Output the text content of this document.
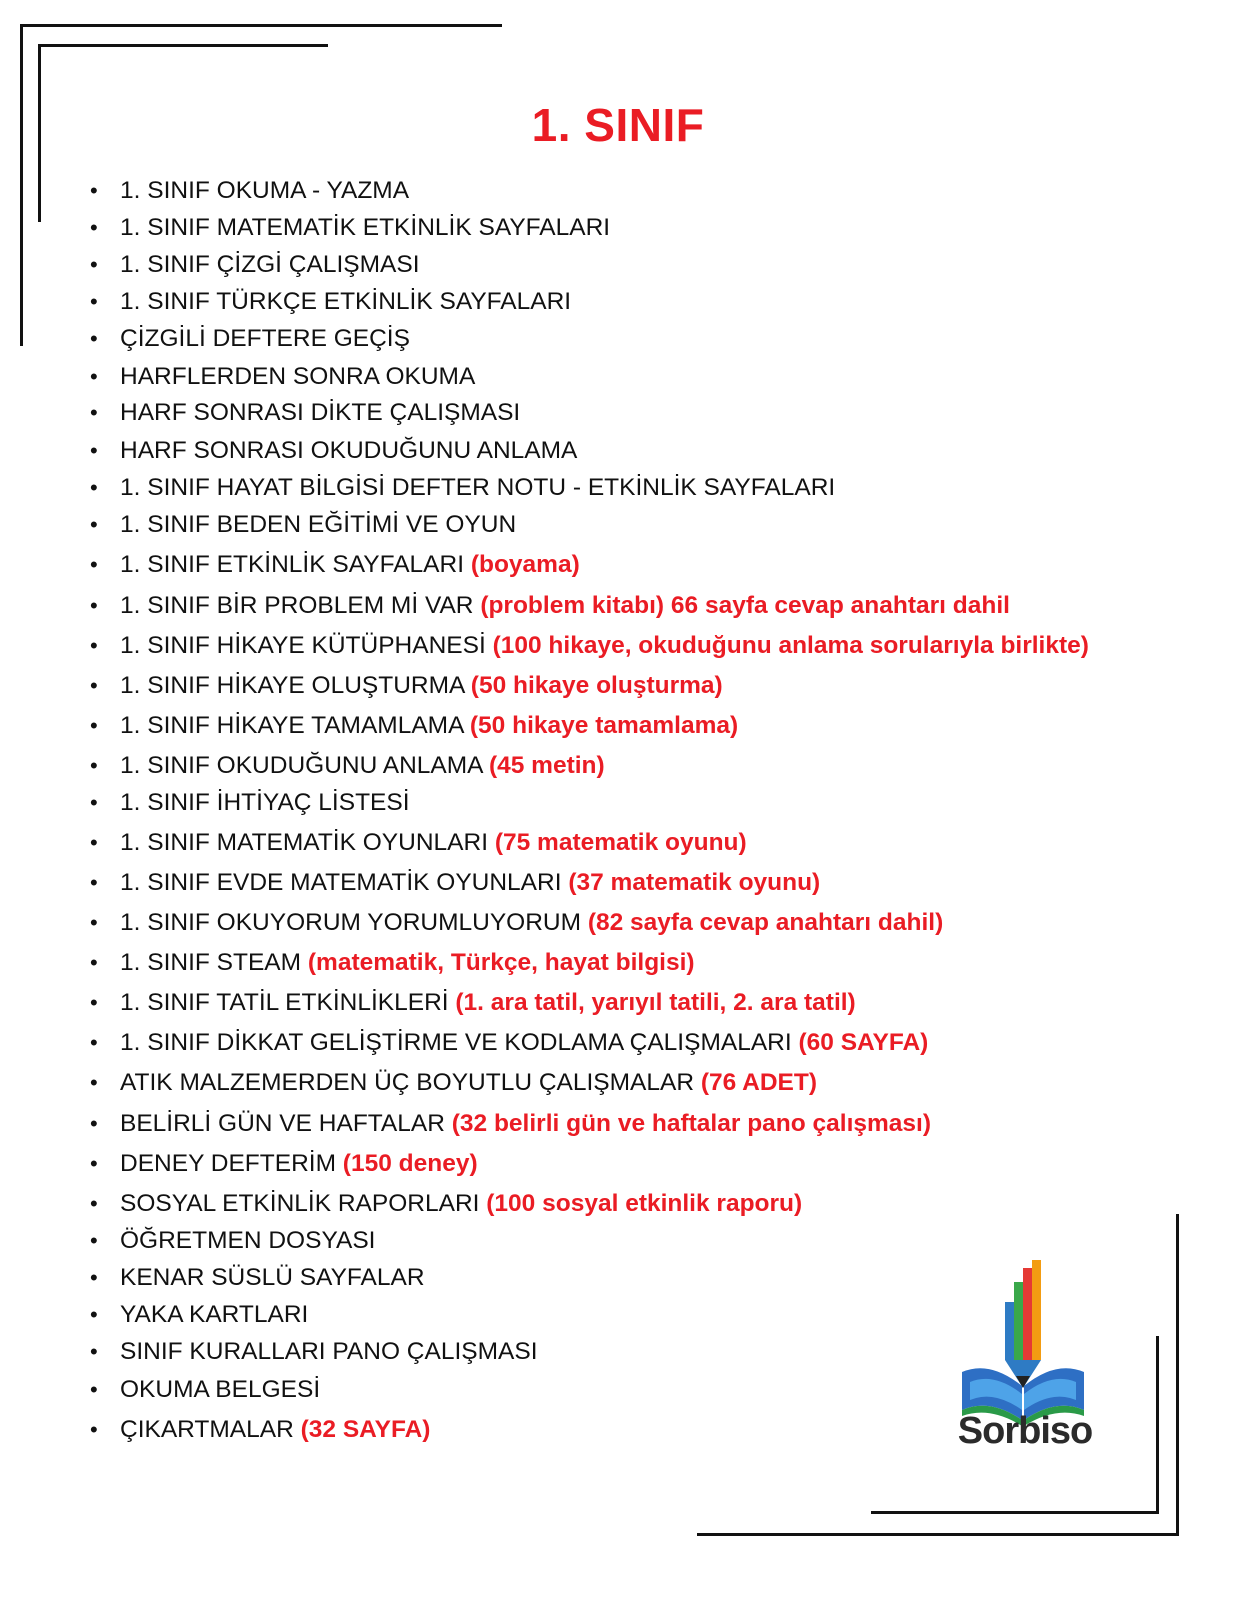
1. SINIF
• 1. SINIF OKUMA - YAZMA
• 1. SINIF MATEMATİK ETKİNLİK SAYFALARI
• 1. SINIF ÇİZGİ ÇALIŞMASI
• 1. SINIF TÜRKÇE ETKİNLİK SAYFALARI
• ÇİZGİLİ DEFTERE GEÇİŞ
• HARFLERDEN SONRA OKUMA
• HARF SONRASI DİKTE ÇALIŞMASI
• HARF SONRASI OKUDUĞUNU ANLAMA
• 1. SINIF HAYAT BİLGİSİ DEFTER NOTU - ETKİNLİK SAYFALARI
• 1. SINIF BEDEN EĞİTİMİ VE OYUN
• 1. SINIF ETKİNLİK SAYFALARI (boyama)
• 1. SINIF BİR PROBLEM Mİ VAR (problem kitabı) 66 sayfa cevap anahtarı dahil
• 1. SINIF HİKAYE KÜTÜPHANESİ (100 hikaye, okuduğunu anlama sorularıyla birlikte)
• 1. SINIF HİKAYE OLUŞTURMA (50 hikaye oluşturma)
• 1. SINIF HİKAYE TAMAMLAMA (50 hikaye tamamlama)
• 1. SINIF OKUDUĞUNU ANLAMA (45 metin)
• 1. SINIF İHTİYAÇ LİSTESİ
• 1. SINIF MATEMATİK OYUNLARI (75 matematik oyunu)
• 1. SINIF EVDE MATEMATİK OYUNLARI (37 matematik oyunu)
• 1. SINIF OKUYORUM YORUMLUYORUM (82 sayfa cevap anahtarı dahil)
• 1. SINIF STEAM (matematik, Türkçe, hayat bilgisi)
• 1. SINIF TATİL ETKİNLİKLERİ (1. ara tatil, yarıyıl tatili, 2. ara tatil)
• 1. SINIF DİKKAT GELİŞTİRME VE KODLAMA ÇALIŞMALARI (60 SAYFA)
• ATIK MALZEMERDEN ÜÇ BOYUTLU ÇALIŞMALAR (76 ADET)
• BELİRLİ GÜN VE HAFTALAR (32 belirli gün ve haftalar pano çalışması)
• DENEY DEFTERİM (150 deney)
• SOSYAL ETKİNLİK RAPORLARI (100 sosyal etkinlik raporu)
• ÖĞRETMEN DOSYASI
• KENAR SÜSLÜ SAYFALAR
• YAKA KARTLARI
• SINIF KURALLARI PANO ÇALIŞMASI
• OKUMA BELGESİ
• ÇIKARTMALAR (32 SAYFA)	Sorbiso
